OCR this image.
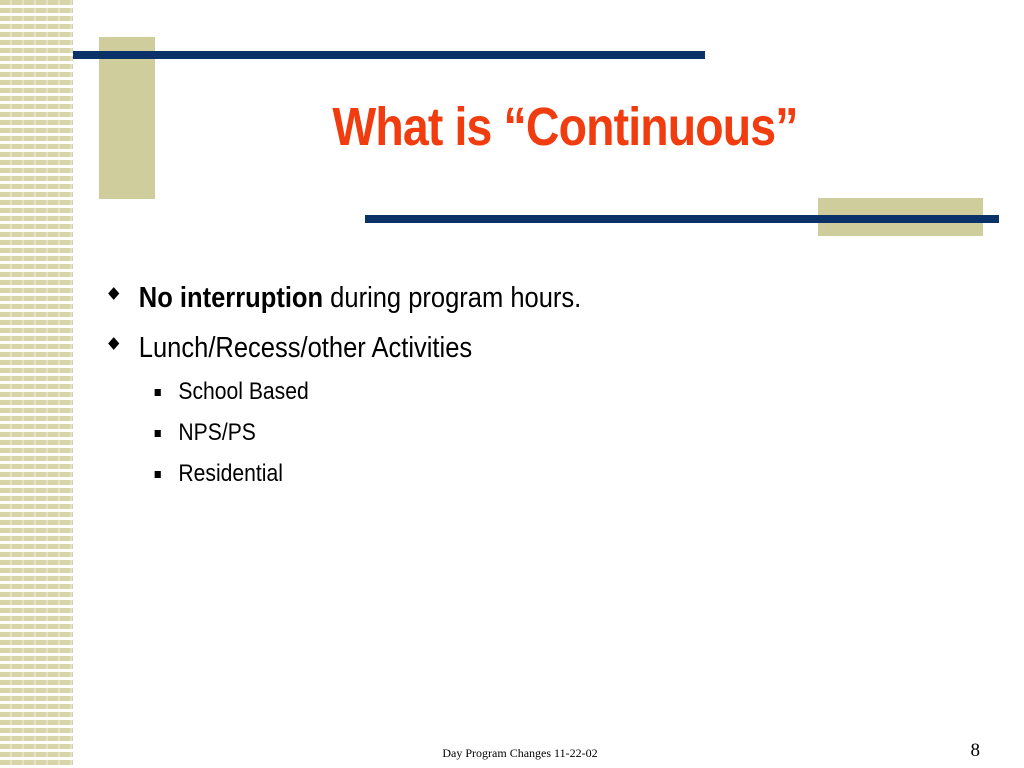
What is “Continuous”
No interruption during program hours.
Lunch/Recess/other Activities
School Based
NPS/PS
Residential
Day Program Changes 11-22-02	8
